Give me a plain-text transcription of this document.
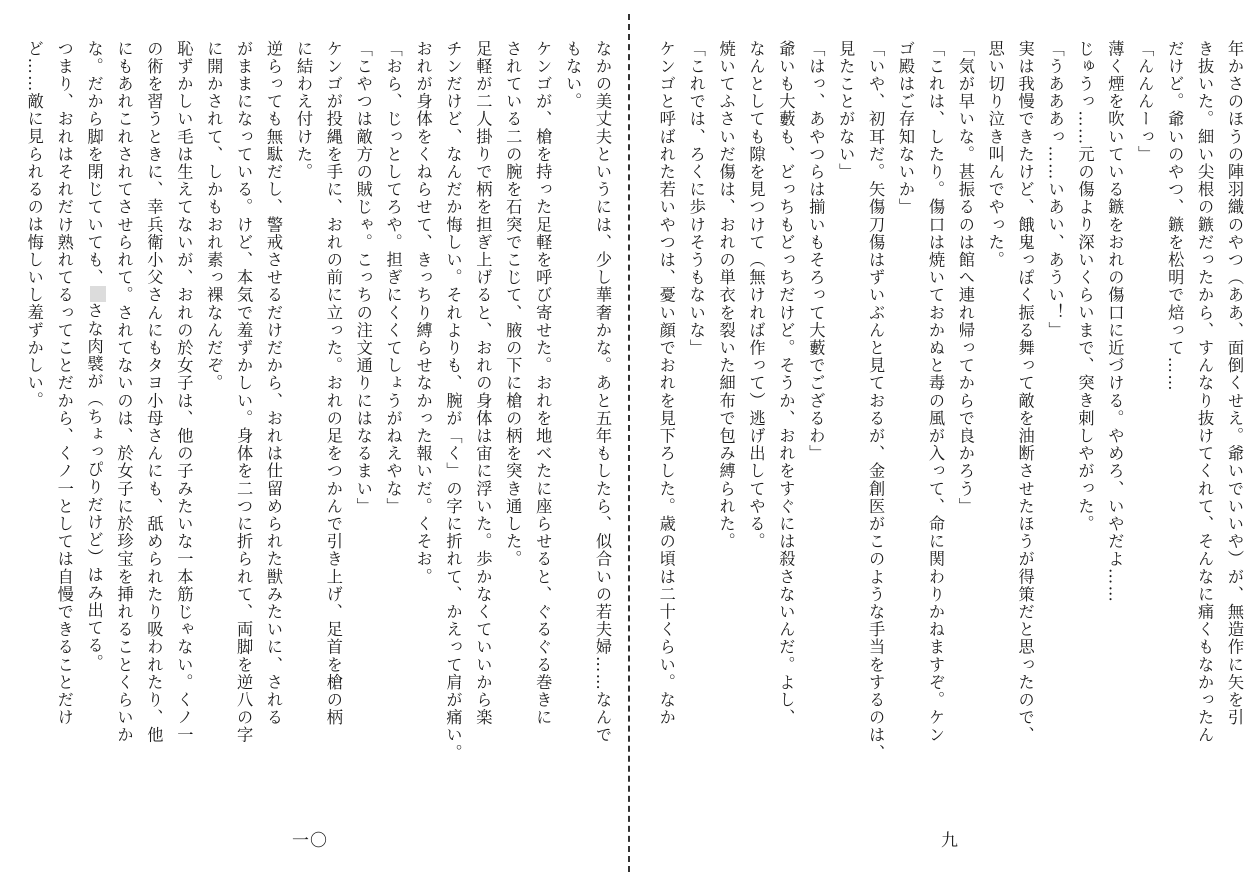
年かさのほうの陣羽織のやつ（ああ、面倒くせえ。爺いでいいや）が、無造作に矢を引

き抜いた。細い尖根の鏃だったから、すんなり抜けてくれて、そんなに痛くもなかったん

だけど。爺いのやつ、鏃を松明で焙って……

「んんんーっ」

薄く煙を吹いている鏃をおれの傷口に近づける。やめろ、いやだよ……

じゅうっ……元の傷より深いくらいまで、突き刺しやがった。

「うあああっ……いあい、あうい！」

実は我慢できたけど、餓鬼っぽく振る舞って敵を油断させたほうが得策だと思ったので、

思い切り泣き叫んでやった。

「気が早いな。甚振るのは館へ連れ帰ってからで良かろう」

「これは、したり。傷口は焼いておかぬと毒の風が入って、命に関わりかねますぞ。ケン

ゴ殿はご存知ないか」

「いや、初耳だ。矢傷刀傷はずいぶんと見ておるが、金創医がこのような手当をするのは、

見たことがない」

「はっ、あやつらは揃いもそろって大藪でござるわ」

爺いも大藪も、どっちもどっちだけど。そうか、おれをすぐには殺さないんだ。よし、

なんとしても隙を見つけて（無ければ作って）逃げ出してやる。

焼いてふさいだ傷は、おれの単衣を裂いた細布で包み縛られた。

「これでは、ろくに歩けそうもないな」

ケンゴと呼ばれた若いやつは、憂い顔でおれを見下ろした。歳の頃は二十くらい。なか

九

なかの美丈夫というには、少し華奢かな。あと五年もしたら、似合いの若夫婦……なんで

もない。

ケンゴが、槍を持った足軽を呼び寄せた。おれを地べたに座らせると、ぐるぐる巻きに

されている二の腕を石突でこじて、腋の下に槍の柄を突き通した。

足軽が二人掛りで柄を担ぎ上げると、おれの身体は宙に浮いた。歩かなくていいから楽

チンだけど、なんだか悔しい。それよりも、腕が「く」の字に折れて、かえって肩が痛い。

おれが身体をくねらせて、きっちり縛らせなかった報いだ。くそお。

「おら、じっとしてろや。担ぎにくくてしょうがねえやな」

「こやつは敵方の賊じゃ。こっちの注文通りにはなるまい」

ケンゴが投縄を手に、おれの前に立った。おれの足をつかんで引き上げ、足首を槍の柄

に結わえ付けた。

逆らっても無駄だし、警戒させるだけだから、おれは仕留められた獣みたいに、される

がままになっている。けど、本気で羞ずかしい。身体を二つに折られて、両脚を逆八の字

に開かされて、しかもおれ素っ裸なんだぞ。

恥ずかしい毛は生えてないが、おれの於女子は、他の子みたいな一本筋じゃない。くノ一

の術を習うときに、幸兵衛小父さんにもタヨ小母さんにも、舐められたり吸われたり、他

にもあれこれされてさせられて。されてないのは、於女子に於珍宝を挿れることくらいか

な。だから脚を閉じていても、さな肉襞が（ちょっぴりだけど）はみ出てる。

つまり、おれはそれだけ熟れてるってことだから、くノ一としては自慢できることだけ

ど……敵に見られるのは悔しいし羞ずかしい。

一〇
